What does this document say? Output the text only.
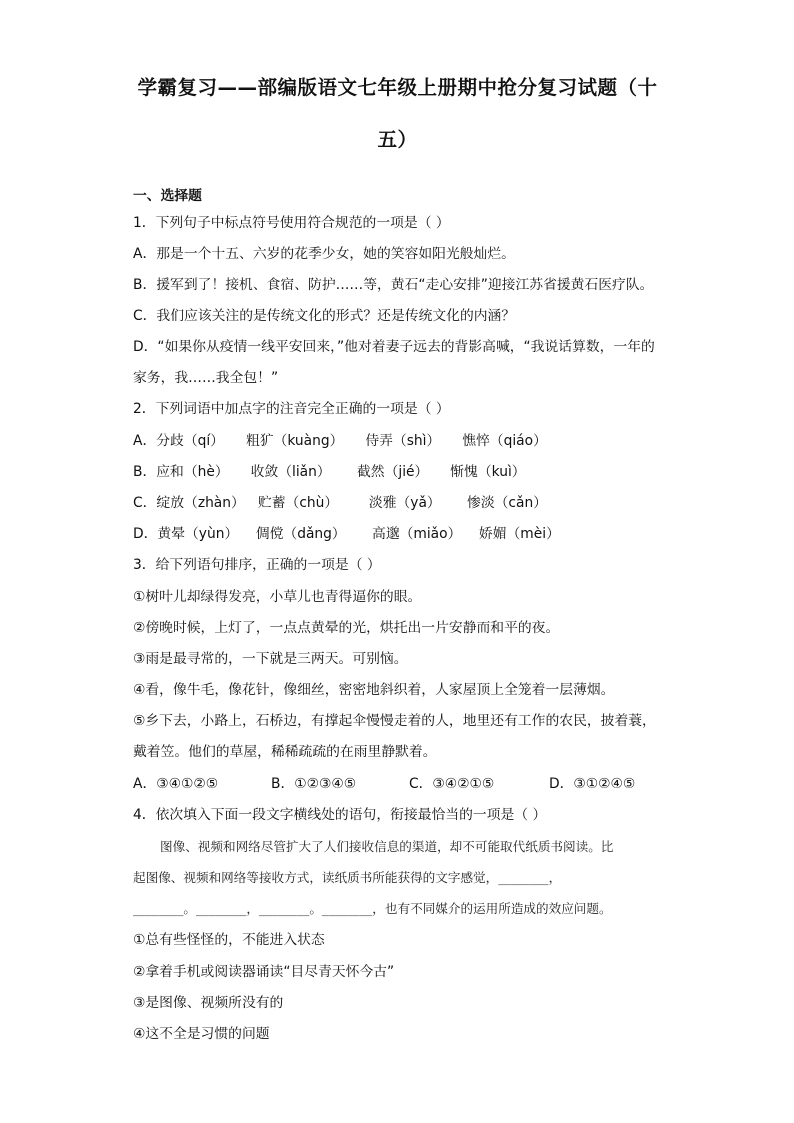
学霸复习——部编版语文七年级上册期中抢分复习试题（十
五）
一、选择题
1．下列句子中标点符号使用符合规范的一项是（ ）
A．那是一个十五、六岁的花季少女，她的笑容如阳光般灿烂。
B．援军到了！接机、食宿、防护……等，黄石“走心安排”迎接江苏省援黄石医疗队。
C．我们应该关注的是传统文化的形式？还是传统文化的内涵？
D．“如果你从疫情一线平安回来，”他对着妻子远去的背影高喊，“我说话算数，一年的
家务，我……我全包！”
2．下列词语中加点字的注音完全正确的一项是（ ）
A．分歧（qí）     粗犷（kuàng）     侍弄（shì）     憔悴（qiáo）
B．应和（hè）     收敛（liǎn）      截然（jié）     惭愧（kuì）
C．绽放（zhàn）   贮蓄（chù）       淡雅（yǎ）      惨淡（cǎn）
D．黄晕（yùn）    倜傥（dǎng）      高邈（miǎo）    娇媚（mèi）
3．给下列语句排序，正确的一项是（ ）
①树叶儿却绿得发亮，小草儿也青得逼你的眼。
②傍晚时候，上灯了，一点点黄晕的光，烘托出一片安静而和平的夜。
③雨是最寻常的，一下就是三两天。可别恼。
④看，像牛毛，像花针，像细丝，密密地斜织着，人家屋顶上全笼着一层薄烟。
⑤乡下去，小路上，石桥边，有撑起伞慢慢走着的人，地里还有工作的农民，披着蓑，
戴着笠。他们的草屋，稀稀疏疏的在雨里静默着。
A．③④①②⑤	B．①②③④⑤	C．③④②①⑤	D．③①②④⑤
4．依次填入下面一段文字横线处的语句，衔接最恰当的一项是（ ）
图像、视频和网络尽管扩大了人们接收信息的渠道，却不可能取代纸质书阅读。比
起图像、视频和网络等接收方式，读纸质书所能获得的文字感觉，________，
________。________，________。________，也有不同媒介的运用所造成的效应问题。
①总有些怪怪的，不能进入状态
②拿着手机或阅读器诵读“目尽青天怀今古”
③是图像、视频所没有的
④这不全是习惯的问题
